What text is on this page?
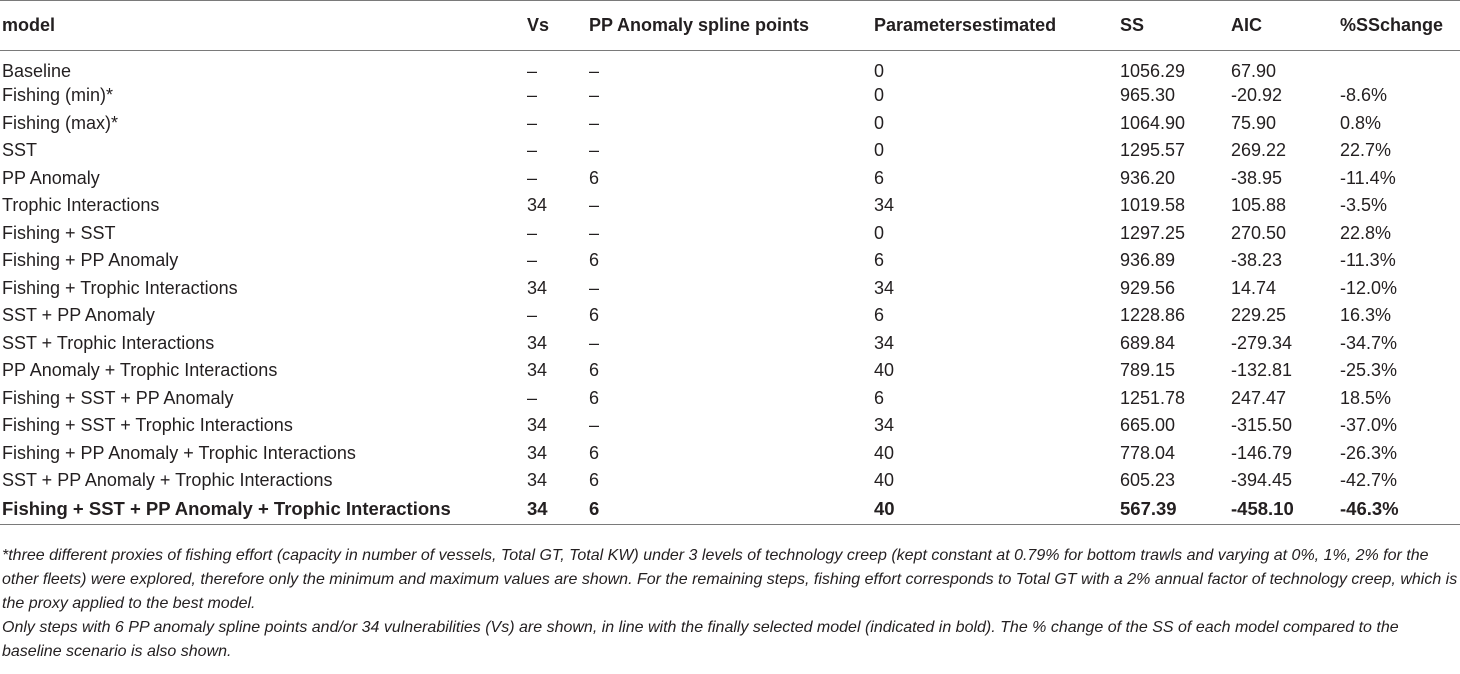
model	Vs	PP Anomaly spline points	Parametersestimated	SS	AIC	%SSchange
Baseline	–	–	0	1056.29	67.90	
Fishing (min)*	–	–	0	965.30	-20.92	-8.6%
Fishing (max)*	–	–	0	1064.90	75.90	0.8%
SST	–	–	0	1295.57	269.22	22.7%
PP Anomaly	–	6	6	936.20	-38.95	-11.4%
Trophic Interactions	34	–	34	1019.58	105.88	-3.5%
Fishing + SST	–	–	0	1297.25	270.50	22.8%
Fishing + PP Anomaly	–	6	6	936.89	-38.23	-11.3%
Fishing + Trophic Interactions	34	–	34	929.56	14.74	-12.0%
SST + PP Anomaly	–	6	6	1228.86	229.25	16.3%
SST + Trophic Interactions	34	–	34	689.84	-279.34	-34.7%
PP Anomaly + Trophic Interactions	34	6	40	789.15	-132.81	-25.3%
Fishing + SST + PP Anomaly	–	6	6	1251.78	247.47	18.5%
Fishing + SST + Trophic Interactions	34	–	34	665.00	-315.50	-37.0%
Fishing + PP Anomaly + Trophic Interactions	34	6	40	778.04	-146.79	-26.3%
SST + PP Anomaly + Trophic Interactions	34	6	40	605.23	-394.45	-42.7%
Fishing + SST + PP Anomaly + Trophic Interactions	34	6	40	567.39	-458.10	-46.3%

*three different proxies of fishing effort (capacity in number of vessels, Total GT, Total KW) under 3 levels of technology creep (kept constant at 0.79% for bottom trawls and varying at 0%, 1%, 2% for the other fleets) were explored, therefore only the minimum and maximum values are shown. For the remaining steps, fishing effort corresponds to Total GT with a 2% annual factor of technology creep, which is the proxy applied to the best model.

Only steps with 6 PP anomaly spline points and/or 34 vulnerabilities (Vs) are shown, in line with the finally selected model (indicated in bold). The % change of the SS of each model compared to the baseline scenario is also shown.
